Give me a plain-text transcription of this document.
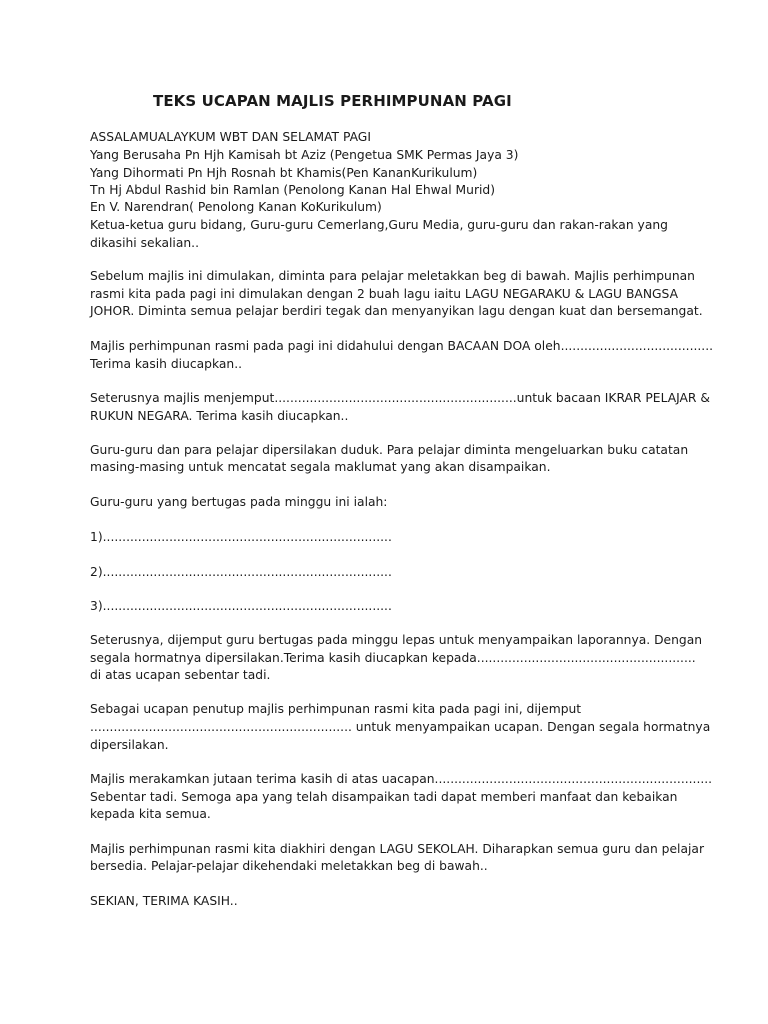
TEKS UCAPAN MAJLIS PERHIMPUNAN PAGI
ASSALAMUALAYKUM WBT DAN SELAMAT PAGI
Yang Berusaha Pn Hjh Kamisah bt Aziz (Pengetua SMK Permas Jaya 3)
Yang Dihormati Pn Hjh Rosnah bt Khamis(Pen KananKurikulum)
Tn Hj Abdul Rashid bin Ramlan (Penolong Kanan Hal Ehwal Murid)
En V. Narendran( Penolong Kanan KoKurikulum)
Ketua-ketua guru bidang, Guru-guru Cemerlang,Guru Media, guru-guru dan rakan-rakan yang
dikasihi sekalian..
Sebelum majlis ini dimulakan, diminta para pelajar meletakkan beg di bawah. Majlis perhimpunan
rasmi kita pada pagi ini dimulakan dengan 2 buah lagu iaitu LAGU NEGARAKU & LAGU BANGSA
JOHOR. Diminta semua pelajar berdiri tegak dan menyanyikan lagu dengan kuat dan bersemangat.
Majlis perhimpunan rasmi pada pagi ini didahului dengan BACAAN DOA oleh.......................................
Terima kasih diucapkan..
Seterusnya majlis menjemput..............................................................untuk bacaan IKRAR PELAJAR &
RUKUN NEGARA. Terima kasih diucapkan..
Guru-guru dan para pelajar dipersilakan duduk. Para pelajar diminta mengeluarkan buku catatan
masing-masing untuk mencatat segala maklumat yang akan disampaikan.
Guru-guru yang bertugas pada minggu ini ialah:
1)..........................................................................
2)..........................................................................
3)..........................................................................
Seterusnya, dijemput guru bertugas pada minggu lepas untuk menyampaikan laporannya. Dengan
segala hormatnya dipersilakan.Terima kasih diucapkan kepada........................................................
di atas ucapan sebentar tadi.
Sebagai ucapan penutup majlis perhimpunan rasmi kita pada pagi ini, dijemput
................................................................... untuk menyampaikan ucapan. Dengan segala hormatnya
dipersilakan.
Majlis merakamkan jutaan terima kasih di atas uacapan.......................................................................
Sebentar tadi. Semoga apa yang telah disampaikan tadi dapat memberi manfaat dan kebaikan
kepada kita semua.
Majlis perhimpunan rasmi kita diakhiri dengan LAGU SEKOLAH. Diharapkan semua guru dan pelajar
bersedia. Pelajar-pelajar dikehendaki meletakkan beg di bawah..
SEKIAN, TERIMA KASIH..
